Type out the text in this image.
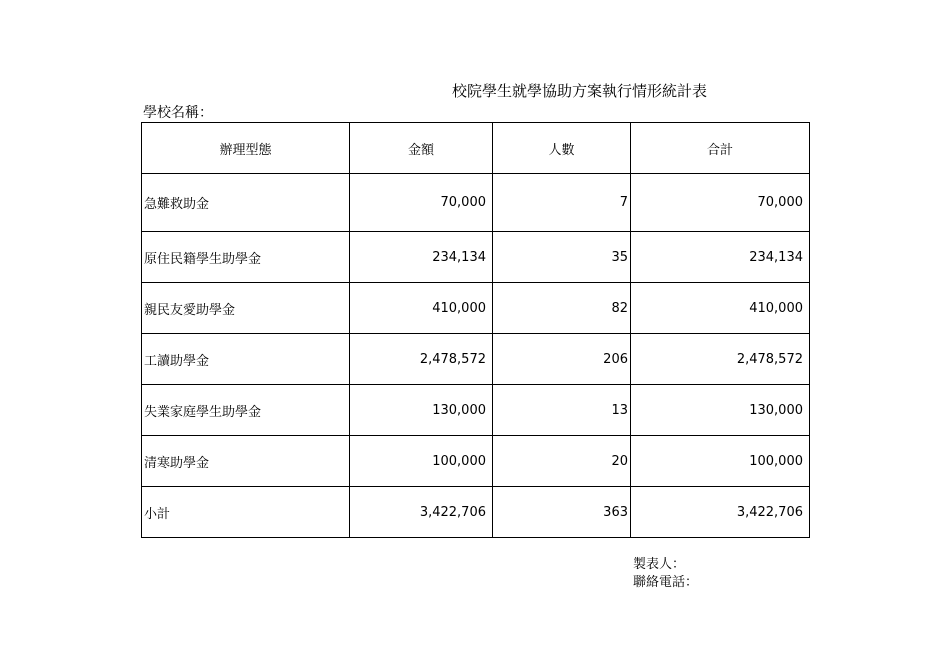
校院學生就學協助方案執行情形統計表
學校名稱：
辦理型態	金額	人數	合計
急難救助金	70,000	7	70,000
原住民籍學生助學金	234,134	35	234,134
親民友愛助學金	410,000	82	410,000
工讀助學金	2,478,572	206	2,478,572
失業家庭學生助學金	130,000	13	130,000
清寒助學金	100,000	20	100,000
小計	3,422,706	363	3,422,706
製表人：
聯絡電話：
